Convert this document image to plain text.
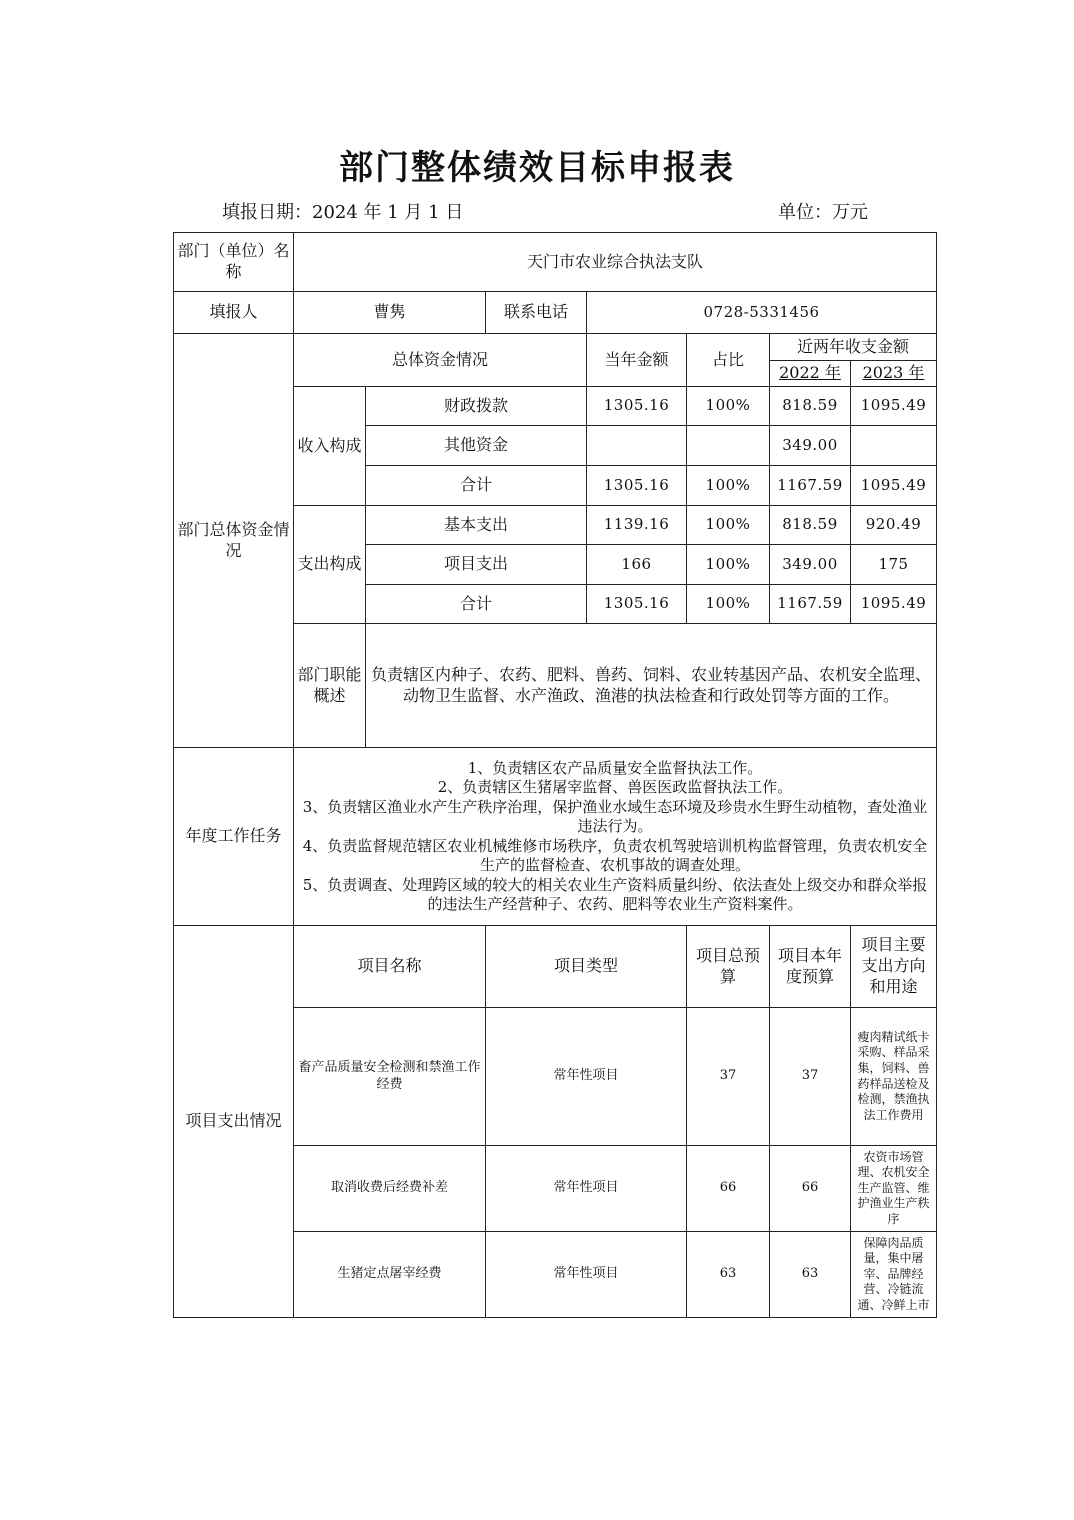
部门整体绩效目标申报表
填报日期：2024 年 1 月 1 日	单位：万元
部门（单位）名称	天门市农业综合执法支队						
填报人	曹隽		联系电话	0728-5331456			
部门总体资金情况	总体资金情况			当年金额	占比	近两年收支金额	
						2022 年	2023 年
	收入构成	财政拨款		1305.16	100%	818.59	1095.49
		其他资金				349.00	
		合计		1305.16	100%	1167.59	1095.49
	支出构成	基本支出		1139.16	100%	818.59	920.49
		项目支出		166	100%	349.00	175
		合计		1305.16	100%	1167.59	1095.49
	部门职能概述	负责辖区内种子、农药、肥料、兽药、饲料、农业转基因产品、农机安全监理、动物卫生监督、水产渔政、渔港的执法检查和行政处罚等方面的工作。					
年度工作任务	1、负责辖区农产品质量安全监督执法工作。
2、负责辖区生猪屠宰监督、兽医医政监督执法工作。
3、负责辖区渔业水产生产秩序治理，保护渔业水域生态环境及珍贵水生野生动植物，查处渔业违法行为。
4、负责监督规范辖区农业机械维修市场秩序，负责农机驾驶培训机构监督管理，负责农机安全生产的监督检查、农机事故的调查处理。
5、负责调查、处理跨区域的较大的相关农业生产资料质量纠纷、依法查处上级交办和群众举报的违法生产经营种子、农药、肥料等农业生产资料案件。						

项目支出情况	项目名称		项目类型		项目总预算	项目本年度预算	项目主要支出方向和用途
	畜产品质量安全检测和禁渔工作经费		常年性项目		37	37	瘦肉精试纸卡采购、样品采集，饲料、兽药样品送检及检测，禁渔执法工作费用
	取消收费后经费补差		常年性项目		66	66	农资市场管理、农机安全生产监管、维护渔业生产秩序
	生猪定点屠宰经费		常年性项目		63	63	保障肉品质量，集中屠宰、品牌经营、冷链流通、冷鲜上市
